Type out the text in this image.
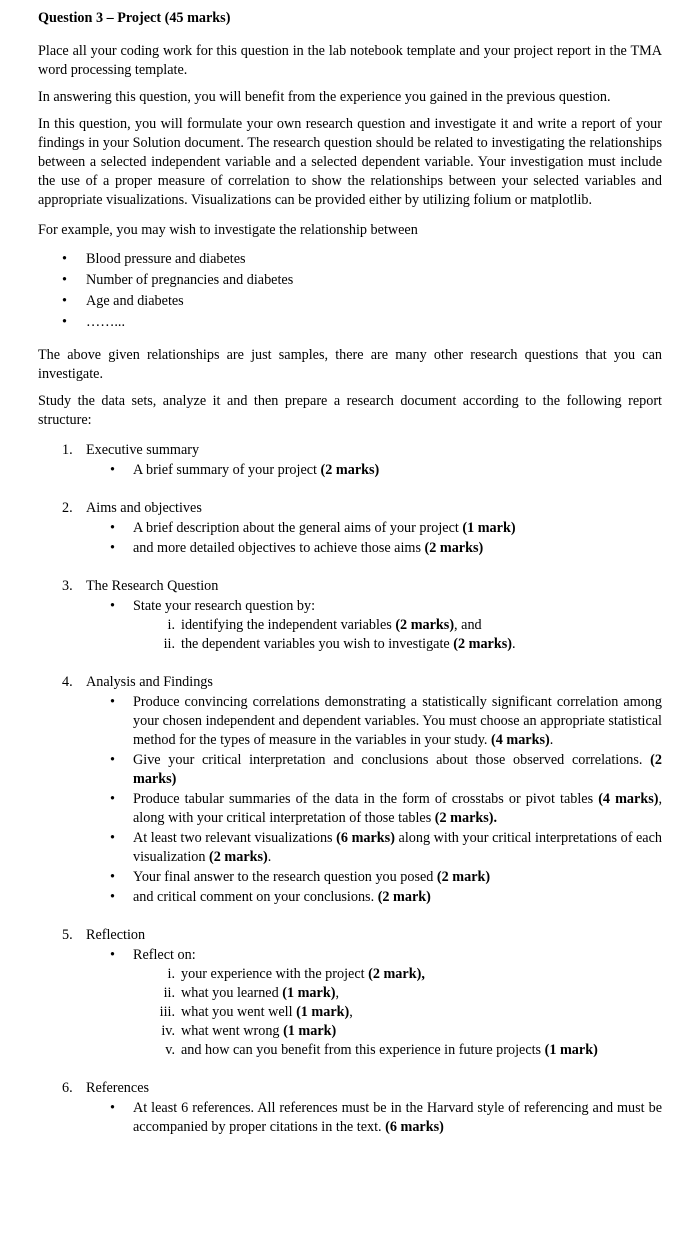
Question 3 – Project (45 marks)

Place all your coding work for this question in the lab notebook template and your project report in the TMA word processing template.

In answering this question, you will benefit from the experience you gained in the previous question.

In this question, you will formulate your own research question and investigate it and write a report of your findings in your Solution document. The research question should be related to investigating the relationships between a selected independent variable and a selected dependent variable. Your investigation must include the use of a proper measure of correlation to show the relationships between your selected variables and appropriate visualizations. Visualizations can be provided either by utilizing folium or matplotlib.

For example, you may wish to investigate the relationship between

• Blood pressure and diabetes
• Number of pregnancies and diabetes
• Age and diabetes
• ……...

The above given relationships are just samples, there are many other research questions that you can investigate.

Study the data sets, analyze it and then prepare a research document according to the following report structure:

1. Executive summary
• A brief summary of your project (2 marks)
2. Aims and objectives
• A brief description about the general aims of your project (1 mark)
• and more detailed objectives to achieve those aims (2 marks)
3. The Research Question
• State your research question by:
i. identifying the independent variables (2 marks), and
ii. the dependent variables you wish to investigate (2 marks).
4. Analysis and Findings
• Produce convincing correlations demonstrating a statistically significant correlation among your chosen independent and dependent variables. You must choose an appropriate statistical method for the types of measure in the variables in your study. (4 marks).
• Give your critical interpretation and conclusions about those observed correlations. (2 marks)
• Produce tabular summaries of the data in the form of crosstabs or pivot tables (4 marks), along with your critical interpretation of those tables (2 marks).
• At least two relevant visualizations (6 marks) along with your critical interpretations of each visualization (2 marks).
• Your final answer to the research question you posed (2 mark)
• and critical comment on your conclusions. (2 mark)
5. Reflection
• Reflect on:
i. your experience with the project (2 mark),
ii. what you learned (1 mark),
iii. what you went well (1 mark),
iv. what went wrong (1 mark)
v. and how can you benefit from this experience in future projects (1 mark)
6. References
• At least 6 references. All references must be in the Harvard style of referencing and must be accompanied by proper citations in the text. (6 marks)
